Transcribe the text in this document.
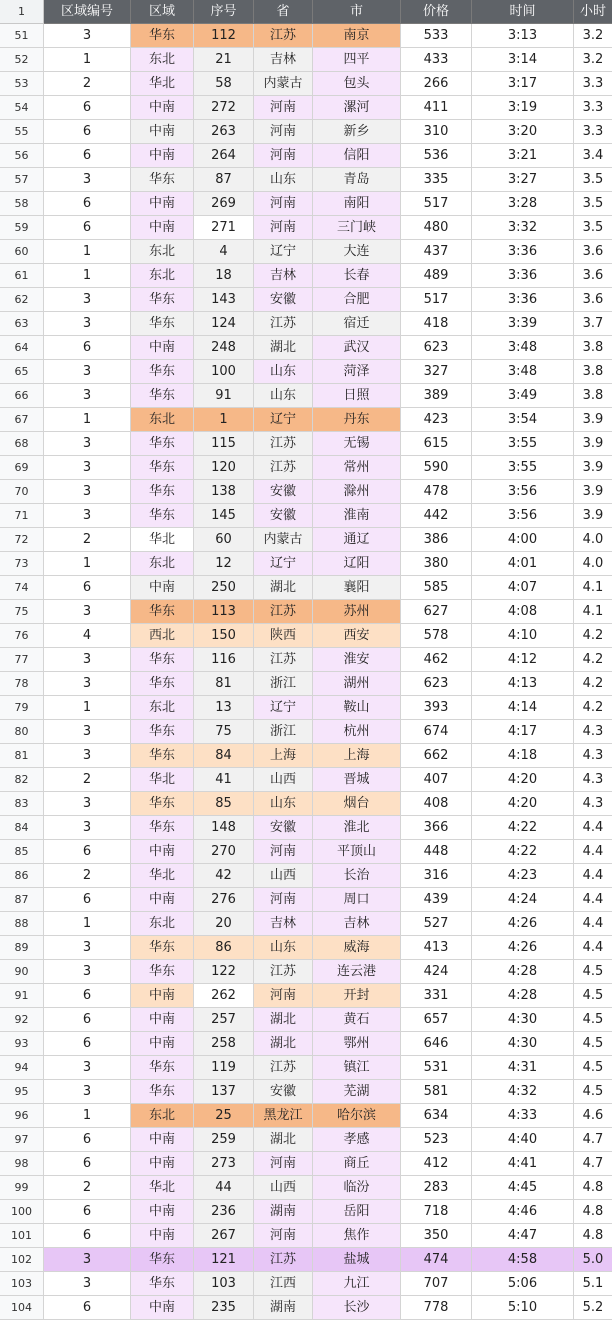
1	区域编号	区域	序号	省	市	价格	时间	小时
51	3	华东	112	江苏	南京	533	3:13	3.2
52	1	东北	21	吉林	四平	433	3:14	3.2
53	2	华北	58	内蒙古	包头	266	3:17	3.3
54	6	中南	272	河南	漯河	411	3:19	3.3
55	6	中南	263	河南	新乡	310	3:20	3.3
56	6	中南	264	河南	信阳	536	3:21	3.4
57	3	华东	87	山东	青岛	335	3:27	3.5
58	6	中南	269	河南	南阳	517	3:28	3.5
59	6	中南	271	河南	三门峡	480	3:32	3.5
60	1	东北	4	辽宁	大连	437	3:36	3.6
61	1	东北	18	吉林	长春	489	3:36	3.6
62	3	华东	143	安徽	合肥	517	3:36	3.6
63	3	华东	124	江苏	宿迁	418	3:39	3.7
64	6	中南	248	湖北	武汉	623	3:48	3.8
65	3	华东	100	山东	菏泽	327	3:48	3.8
66	3	华东	91	山东	日照	389	3:49	3.8
67	1	东北	1	辽宁	丹东	423	3:54	3.9
68	3	华东	115	江苏	无锡	615	3:55	3.9
69	3	华东	120	江苏	常州	590	3:55	3.9
70	3	华东	138	安徽	滁州	478	3:56	3.9
71	3	华东	145	安徽	淮南	442	3:56	3.9
72	2	华北	60	内蒙古	通辽	386	4:00	4.0
73	1	东北	12	辽宁	辽阳	380	4:01	4.0
74	6	中南	250	湖北	襄阳	585	4:07	4.1
75	3	华东	113	江苏	苏州	627	4:08	4.1
76	4	西北	150	陕西	西安	578	4:10	4.2
77	3	华东	116	江苏	淮安	462	4:12	4.2
78	3	华东	81	浙江	湖州	623	4:13	4.2
79	1	东北	13	辽宁	鞍山	393	4:14	4.2
80	3	华东	75	浙江	杭州	674	4:17	4.3
81	3	华东	84	上海	上海	662	4:18	4.3
82	2	华北	41	山西	晋城	407	4:20	4.3
83	3	华东	85	山东	烟台	408	4:20	4.3
84	3	华东	148	安徽	淮北	366	4:22	4.4
85	6	中南	270	河南	平顶山	448	4:22	4.4
86	2	华北	42	山西	长治	316	4:23	4.4
87	6	中南	276	河南	周口	439	4:24	4.4
88	1	东北	20	吉林	吉林	527	4:26	4.4
89	3	华东	86	山东	威海	413	4:26	4.4
90	3	华东	122	江苏	连云港	424	4:28	4.5
91	6	中南	262	河南	开封	331	4:28	4.5
92	6	中南	257	湖北	黄石	657	4:30	4.5
93	6	中南	258	湖北	鄂州	646	4:30	4.5
94	3	华东	119	江苏	镇江	531	4:31	4.5
95	3	华东	137	安徽	芜湖	581	4:32	4.5
96	1	东北	25	黑龙江	哈尔滨	634	4:33	4.6
97	6	中南	259	湖北	孝感	523	4:40	4.7
98	6	中南	273	河南	商丘	412	4:41	4.7
99	2	华北	44	山西	临汾	283	4:45	4.8
100	6	中南	236	湖南	岳阳	718	4:46	4.8
101	6	中南	267	河南	焦作	350	4:47	4.8
102	3	华东	121	江苏	盐城	474	4:58	5.0
103	3	华东	103	江西	九江	707	5:06	5.1
104	6	中南	235	湖南	长沙	778	5:10	5.2
